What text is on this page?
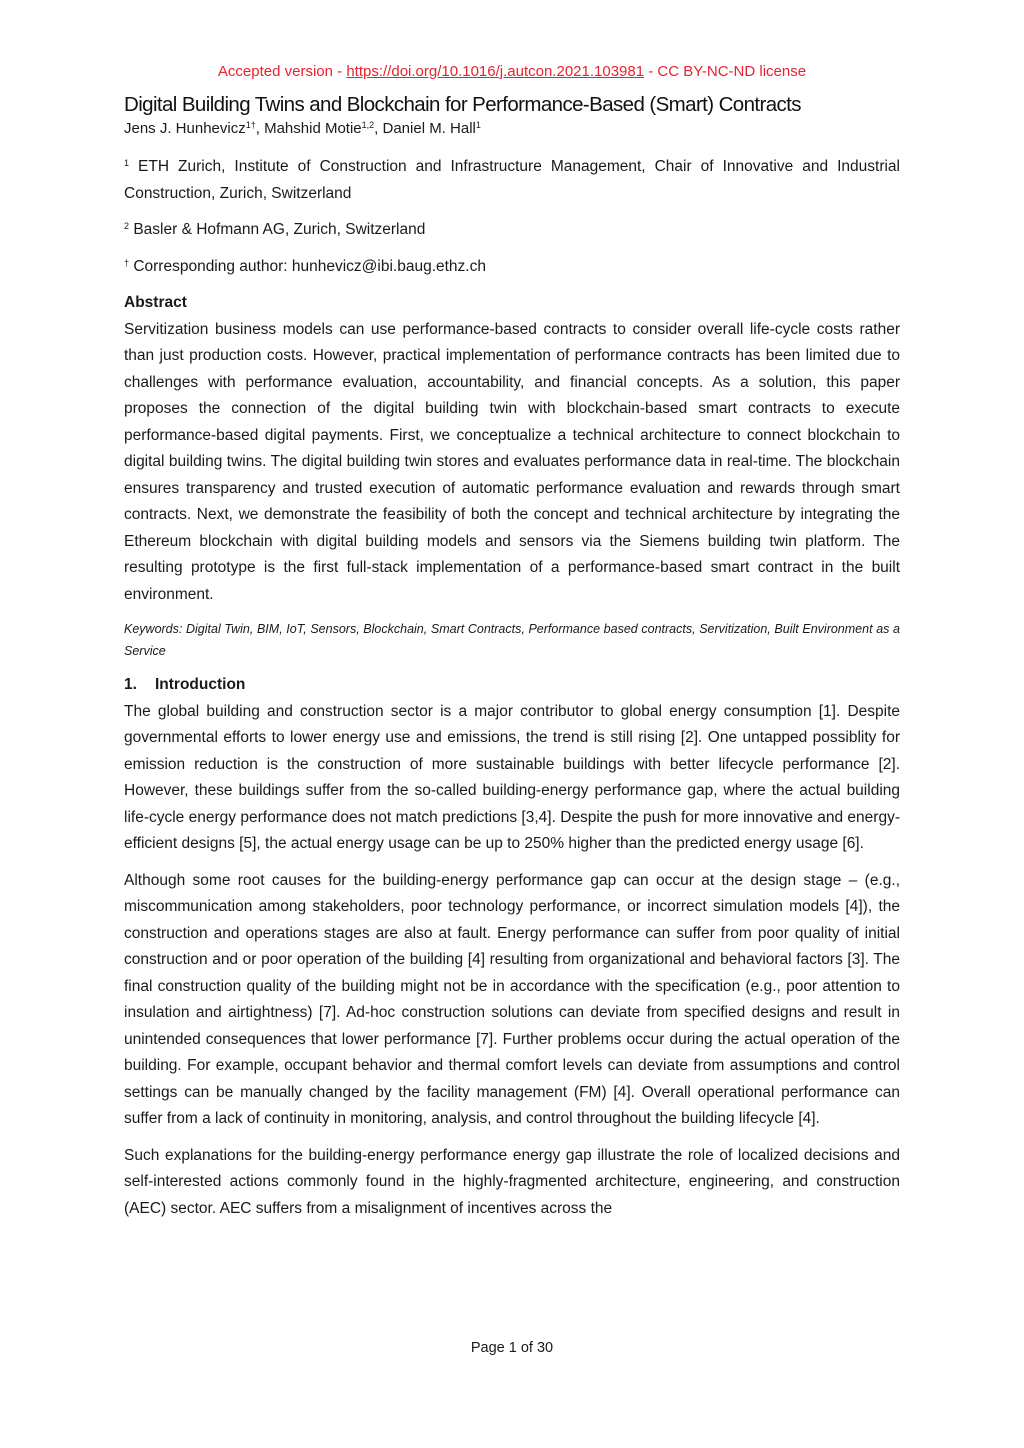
Accepted version - https://doi.org/10.1016/j.autcon.2021.103981 - CC BY-NC-ND license
Digital Building Twins and Blockchain for Performance-Based (Smart) Contracts
Jens J. Hunhevicz$^{1\dagger}$, Mahshid Motie$^{1,2}$, Daniel M. Hall$^1$

$^1$ ETH Zurich, Institute of Construction and Infrastructure Management, Chair of Innovative and Industrial Construction, Zurich, Switzerland

$^2$ Basler & Hofmann AG, Zurich, Switzerland

† Corresponding author: hunhevicz@ibi.baug.ethz.ch

Abstract

Servitization business models can use performance-based contracts to consider overall life-cycle costs rather than just production costs. However, practical implementation of performance contracts has been limited due to challenges with performance evaluation, accountability, and financial concepts. As a solution, this paper proposes the connection of the digital building twin with blockchain-based smart contracts to execute performance-based digital payments. First, we conceptualize a technical architecture to connect blockchain to digital building twins. The digital building twin stores and evaluates performance data in real-time. The blockchain ensures transparency and trusted execution of automatic performance evaluation and rewards through smart contracts. Next, we demonstrate the feasibility of both the concept and technical architecture by integrating the Ethereum blockchain with digital building models and sensors via the Siemens building twin platform. The resulting prototype is the first full-stack implementation of a performance-based smart contract in the built environment.

Keywords: Digital Twin, BIM, IoT, Sensors, Blockchain, Smart Contracts, Performance based contracts, Servitization, Built Environment as a Service

1. Introduction

The global building and construction sector is a major contributor to global energy consumption [1]. Despite governmental efforts to lower energy use and emissions, the trend is still rising [2]. One untapped possiblity for emission reduction is the construction of more sustainable buildings with better lifecycle performance [2]. However, these buildings suffer from the so-called building-energy performance gap, where the actual building life-cycle energy performance does not match predictions [3,4]. Despite the push for more innovative and energy-efficient designs [5], the actual energy usage can be up to 250% higher than the predicted energy usage [6].

Although some root causes for the building-energy performance gap can occur at the design stage – (e.g., miscommunication among stakeholders, poor technology performance, or incorrect simulation models [4]), the construction and operations stages are also at fault. Energy performance can suffer from poor quality of initial construction and or poor operation of the building [4] resulting from organizational and behavioral factors [3]. The final construction quality of the building might not be in accordance with the specification (e.g., poor attention to insulation and airtightness) [7]. Ad-hoc construction solutions can deviate from specified designs and result in unintended consequences that lower performance [7]. Further problems occur during the actual operation of the building. For example, occupant behavior and thermal comfort levels can deviate from assumptions and control settings can be manually changed by the facility management (FM) [4]. Overall operational performance can suffer from a lack of continuity in monitoring, analysis, and control throughout the building lifecycle [4].

Such explanations for the building-energy performance energy gap illustrate the role of localized decisions and self-interested actions commonly found in the highly-fragmented architecture, engineering, and construction (AEC) sector. AEC suffers from a misalignment of incentives across the

Page 1 of 30
